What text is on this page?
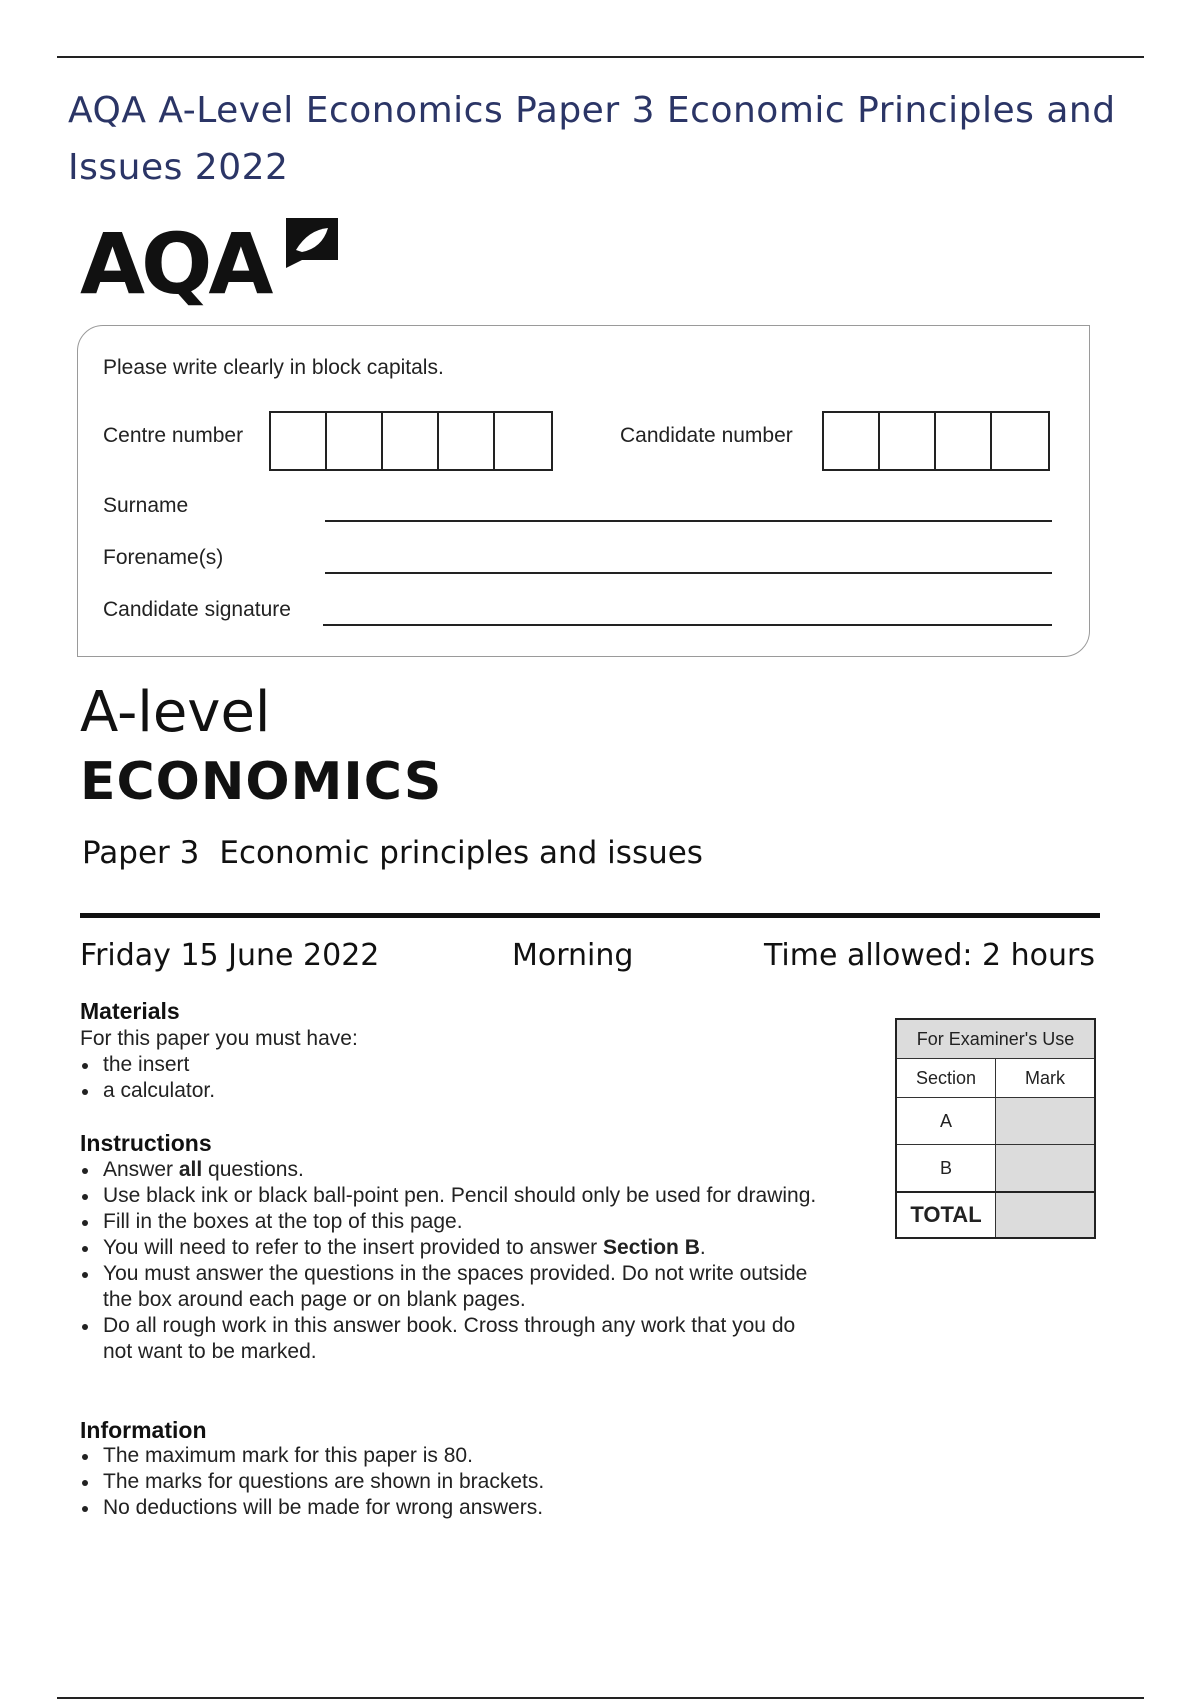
AQA A-Level Economics Paper 3 Economic Principles and Issues 2022
AQA
Please write clearly in block capitals.
Centre number	Candidate number
Surname
Forename(s)
Candidate signature
A-level
ECONOMICS
Paper 3 Economic principles and issues
Friday 15 June 2022	Morning	Time allowed: 2 hours
Materials
For this paper you must have:
the insert
a calculator.
Instructions
Answer all questions.
Use black ink or black ball-point pen. Pencil should only be used for drawing.
Fill in the boxes at the top of this page.
You will need to refer to the insert provided to answer Section B.
You must answer the questions in the spaces provided. Do not write outside the box around each page or on blank pages.
Do all rough work in this answer book. Cross through any work that you do not want to be marked.
Information
The maximum mark for this paper is 80.
The marks for questions are shown in brackets.
No deductions will be made for wrong answers.
For Examiner's Use	
Section	Mark
A	
B	
TOTAL	
